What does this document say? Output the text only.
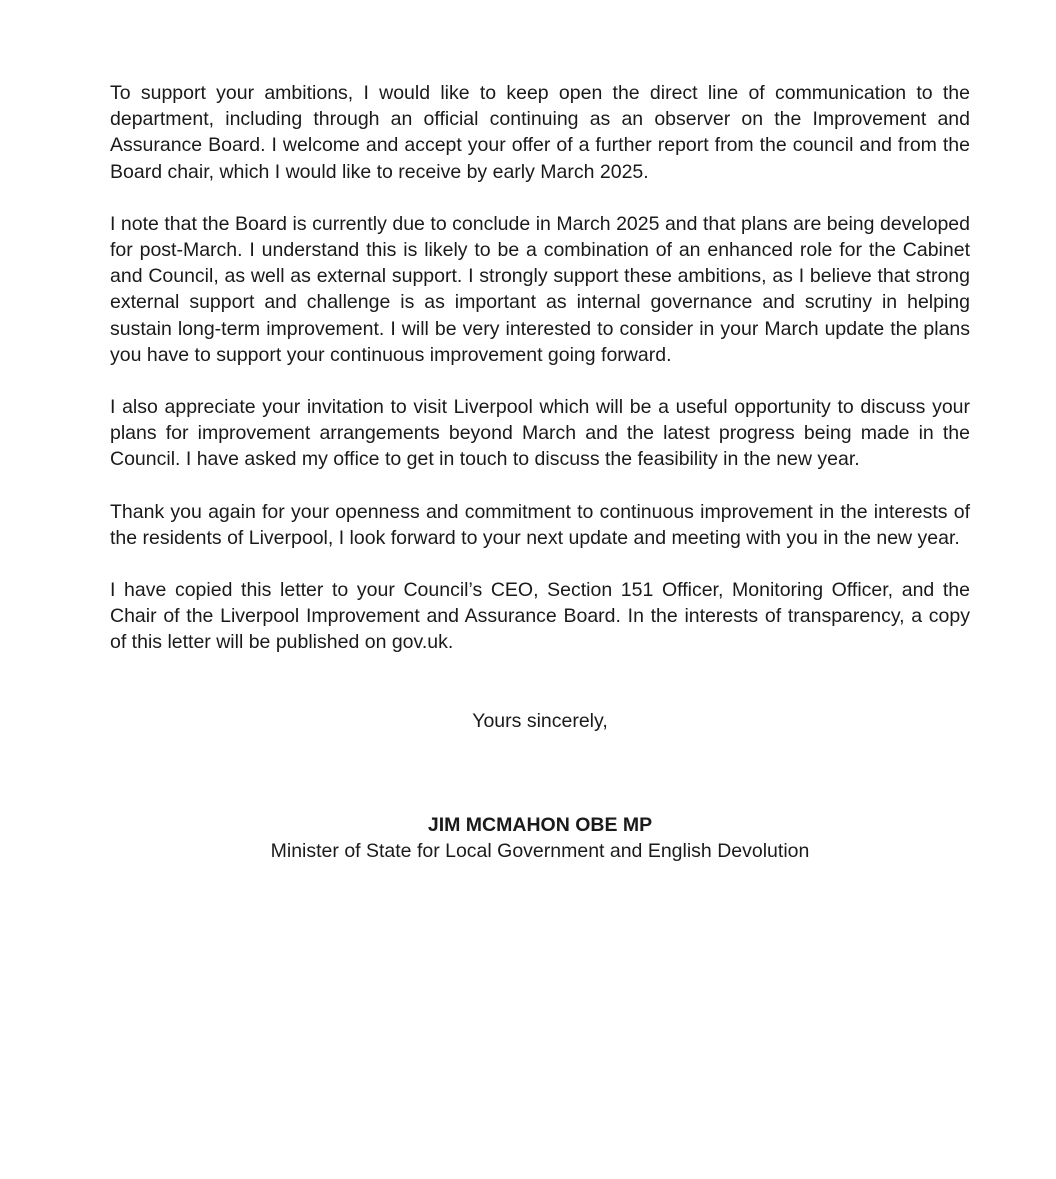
To support your ambitions, I would like to keep open the direct line of communication to the department, including through an official continuing as an observer on the Improvement and Assurance Board. I welcome and accept your offer of a further report from the council and from the Board chair, which I would like to receive by early March 2025.

I note that the Board is currently due to conclude in March 2025 and that plans are being developed for post-March. I understand this is likely to be a combination of an enhanced role for the Cabinet and Council, as well as external support. I strongly support these ambitions, as I believe that strong external support and challenge is as important as internal governance and scrutiny in helping sustain long-term improvement. I will be very interested to consider in your March update the plans you have to support your continuous improvement going forward.

I also appreciate your invitation to visit Liverpool which will be a useful opportunity to discuss your plans for improvement arrangements beyond March and the latest progress being made in the Council. I have asked my office to get in touch to discuss the feasibility in the new year.

Thank you again for your openness and commitment to continuous improvement in the interests of the residents of Liverpool, I look forward to your next update and meeting with you in the new year.

I have copied this letter to your Council’s CEO, Section 151 Officer, Monitoring Officer, and the Chair of the Liverpool Improvement and Assurance Board. In the interests of transparency, a copy of this letter will be published on gov.uk.

Yours sincerely,
JIM MCMAHON OBE MP
Minister of State for Local Government and English Devolution
